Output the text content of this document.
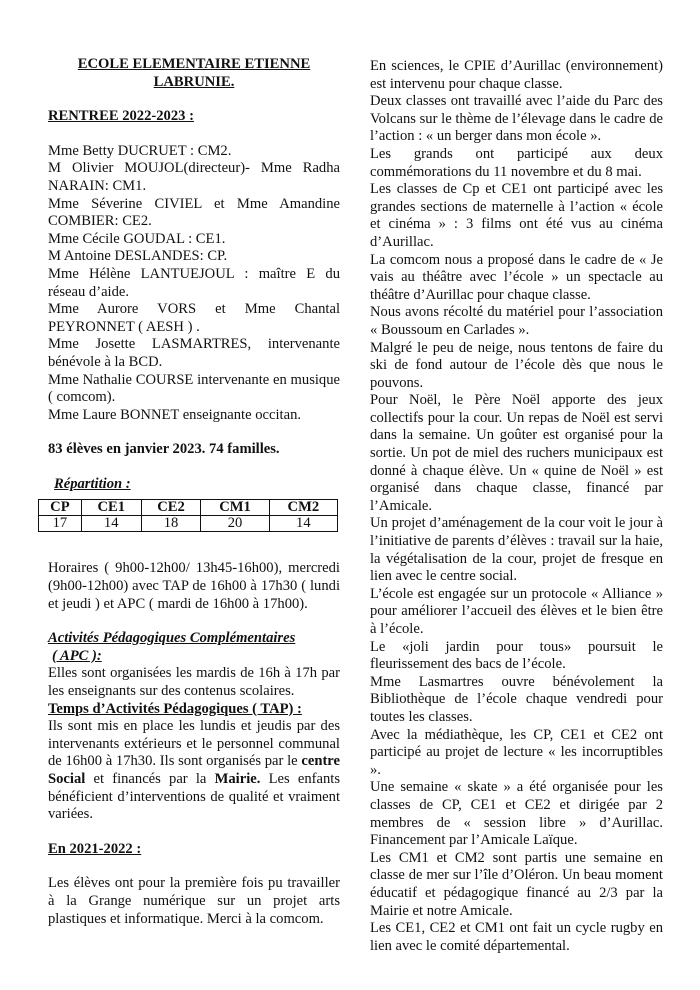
ECOLE ELEMENTAIRE ETIENNE

LABRUNIE.

RENTREE 2022-2023 :

Mme Betty DUCRUET : CM2.

M Olivier MOUJOL(directeur)- Mme Radha NARAIN: CM1.

Mme Séverine CIVIEL et Mme Amandine COMBIER: CE2.

Mme Cécile GOUDAL : CE1.

M Antoine DESLANDES: CP.

Mme Hélène LANTUEJOUL : maître E du réseau d’aide.

Mme Aurore VORS et Mme Chantal PEYRONNET ( AESH ) .

Mme Josette LASMARTRES, intervenante bénévole à la BCD.

Mme Nathalie COURSE intervenante en musique ( comcom).

Mme Laure BONNET enseignante occitan.

83 élèves en janvier 2023. 74 familles.

Répartition :

CP	CE1	CE2	CM1	CM2
17	14	18	20	14

Horaires ( 9h00-12h00/ 13h45-16h00), mercredi (9h00-12h00) avec TAP de 16h00 à 17h30 ( lundi et jeudi ) et APC ( mardi de 16h00 à 17h00).

Activités Pédagogiques Complémentaires

( APC ):

Elles sont organisées les mardis de 16h à 17h par les enseignants sur des contenus scolaires.

Temps d’Activités Pédagogiques ( TAP) :

Ils sont mis en place les lundis et jeudis par des intervenants extérieurs et le personnel communal de 16h00 à 17h30. Ils sont organisés par le centre Social et financés par la Mairie. Les enfants bénéficient d’interventions de qualité et vraiment variées.

En 2021-2022 :

Les élèves ont pour la première fois pu travailler à la Grange numérique sur un projet arts plastiques et informatique. Merci à la comcom.

En sciences, le CPIE d’Aurillac (environnement) est intervenu pour chaque classe.

Deux classes ont travaillé avec l’aide du Parc des Volcans sur le thème de l’élevage dans le cadre de l’action : « un berger dans mon école ».

Les grands ont participé aux deux commémorations du 11 novembre et du 8 mai.

Les classes de Cp et CE1 ont participé avec les grandes sections de maternelle à l’action « école et cinéma » : 3 films ont été vus au cinéma d’Aurillac.

La comcom nous a proposé dans le cadre de « Je vais au théâtre avec l’école » un spectacle au théâtre d’Aurillac pour chaque classe.

Nous avons récolté du matériel pour l’association « Boussoum en Carlades ».

Malgré le peu de neige, nous tentons de faire du ski de fond autour de l’école dès que nous le pouvons.

Pour Noël, le Père Noël apporte des jeux collectifs pour la cour. Un repas de Noël est servi dans la semaine. Un goûter est organisé pour la sortie. Un pot de miel des ruchers municipaux est donné à chaque élève. Un « quine de Noël » est organisé dans chaque classe, financé par l’Amicale.

Un projet d’aménagement de la cour voit le jour à l’initiative de parents d’élèves : travail sur la haie, la végétalisation de la cour, projet de fresque en lien avec le centre social.

L’école est engagée sur un protocole « Alliance » pour améliorer l’accueil des élèves et le bien être à l’école.

Le «joli jardin pour tous» poursuit le fleurissement des bacs de l’école.

Mme Lasmartres ouvre bénévolement la Bibliothèque de l’école chaque vendredi pour toutes les classes.

Avec la médiathèque, les CP, CE1 et CE2 ont participé au projet de lecture « les incorruptibles ».

Une semaine « skate » a été organisée pour les classes de CP, CE1 et CE2 et dirigée par 2 membres de « session libre » d’Aurillac. Financement par l’Amicale Laïque.

Les CM1 et CM2 sont partis une semaine en classe de mer sur l’île d’Oléron. Un beau moment éducatif et pédagogique financé au 2/3 par la Mairie et notre Amicale.

Les CE1, CE2 et CM1 ont fait un cycle rugby en lien avec le comité départemental.
